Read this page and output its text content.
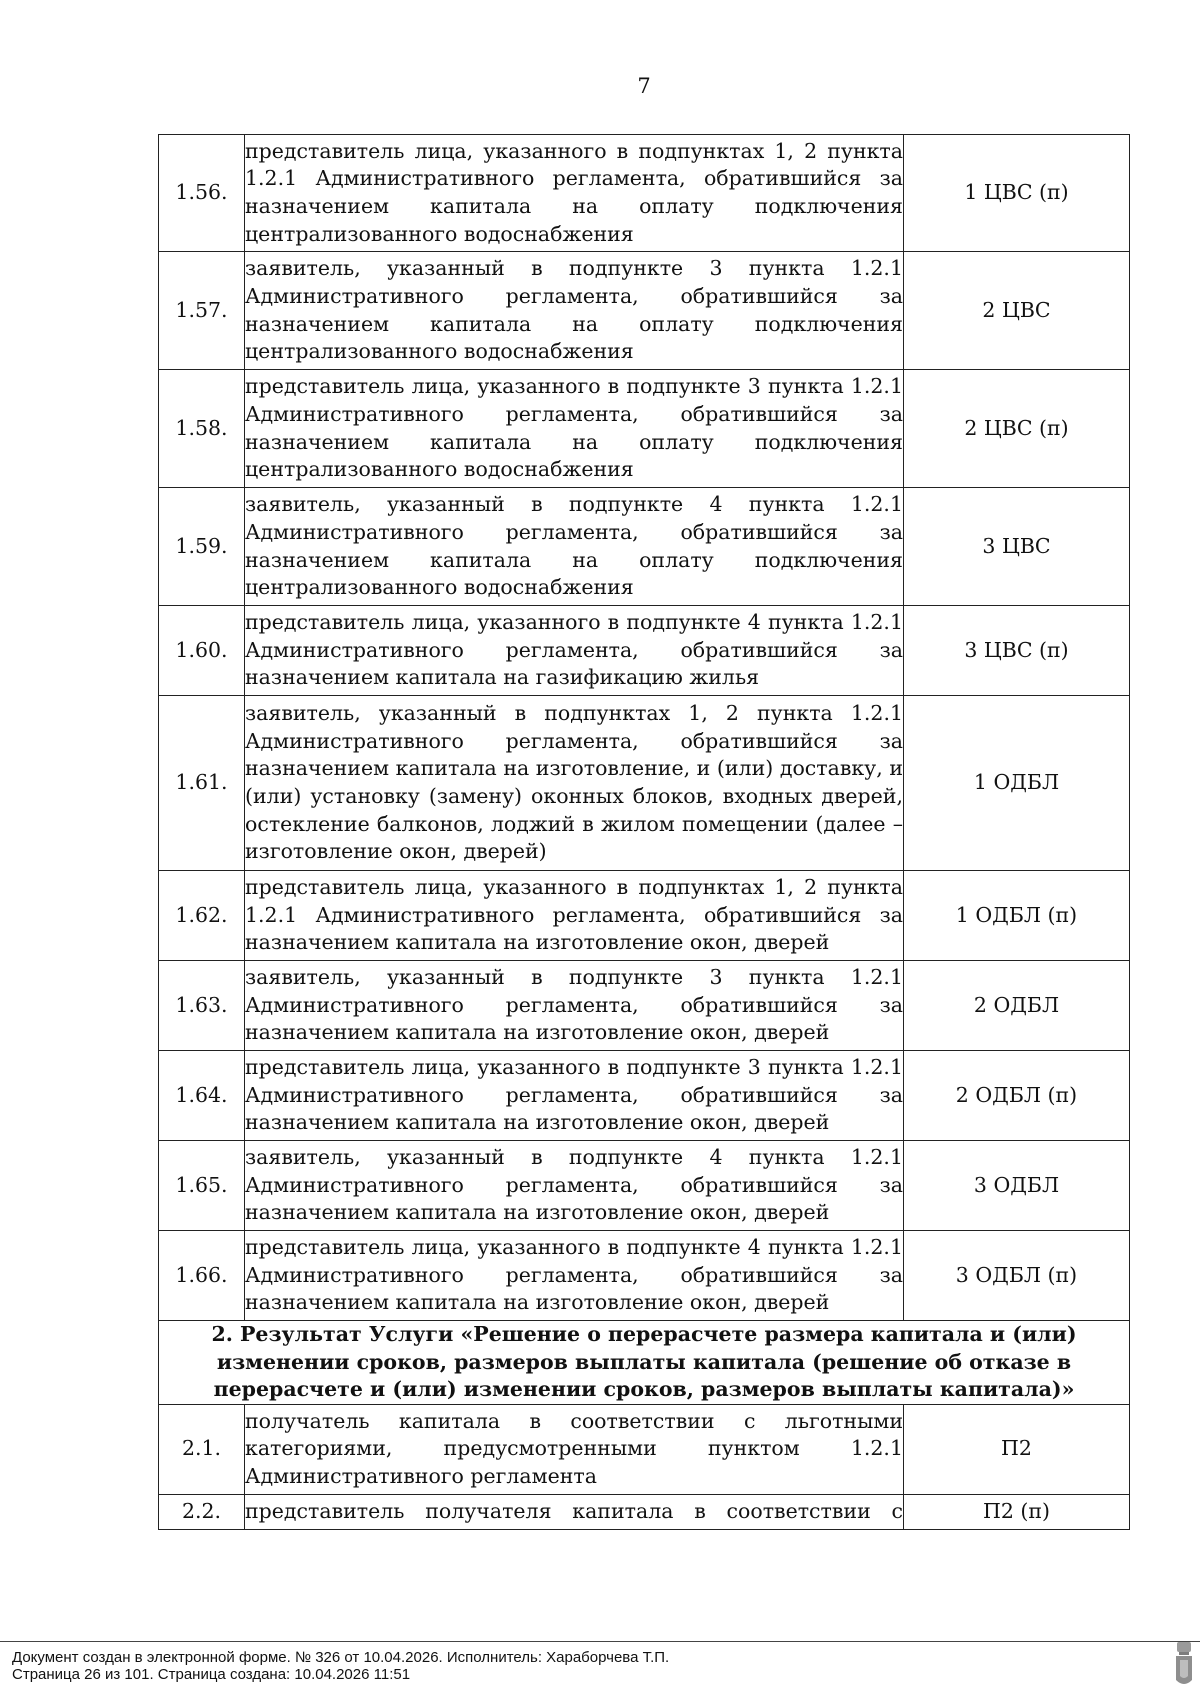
7
1.56.	представитель лица, указанного в подпунктах 1, 2 пункта 1.2.1 Административного регламента, обратившийся за назначением капитала на оплату подключения централизованного водоснабжения	1 ЦВС (п)
1.57.	заявитель, указанный в подпункте 3 пункта 1.2.1 Административного регламента, обратившийся за назначением капитала на оплату подключения централизованного водоснабжения	2 ЦВС
1.58.	представитель лица, указанного в подпункте 3 пункта 1.2.1 Административного регламента, обратившийся за назначением капитала на оплату подключения централизованного водоснабжения	2 ЦВС (п)
1.59.	заявитель, указанный в подпункте 4 пункта 1.2.1 Административного регламента, обратившийся за назначением капитала на оплату подключения централизованного водоснабжения	3 ЦВС
1.60.	представитель лица, указанного в подпункте 4 пункта 1.2.1 Административного регламента, обратившийся за назначением капитала на газификацию жилья	3 ЦВС (п)
1.61.	заявитель, указанный в подпунктах 1, 2 пункта 1.2.1 Административного регламента, обратившийся за назначением капитала на изготовление, и (или) доставку, и (или) установку (замену) оконных блоков, входных дверей, остекление балконов, лоджий в жилом помещении (далее – изготовление окон, дверей)	1 ОДБЛ
1.62.	представитель лица, указанного в подпунктах 1, 2 пункта 1.2.1 Административного регламента, обратившийся за назначением капитала на изготовление окон, дверей	1 ОДБЛ (п)
1.63.	заявитель, указанный в подпункте 3 пункта 1.2.1 Административного регламента, обратившийся за назначением капитала на изготовление окон, дверей	2 ОДБЛ
1.64.	представитель лица, указанного в подпункте 3 пункта 1.2.1 Административного регламента, обратившийся за назначением капитала на изготовление окон, дверей	2 ОДБЛ (п)
1.65.	заявитель, указанный в подпункте 4 пункта 1.2.1 Административного регламента, обратившийся за назначением капитала на изготовление окон, дверей	3 ОДБЛ
1.66.	представитель лица, указанного в подпункте 4 пункта 1.2.1 Административного регламента, обратившийся за назначением капитала на изготовление окон, дверей	3 ОДБЛ (п)
2. Результат Услуги «Решение о перерасчете размера капитала и (или) изменении сроков, размеров выплаты капитала (решение об отказе в перерасчете и (или) изменении сроков, размеров выплаты капитала)»		
2.1.	получатель капитала в соответствии с льготными категориями, предусмотренными пунктом 1.2.1 Административного регламента	П2
2.2.	представитель получателя капитала в соответствии с	П2 (п)
Документ создан в электронной форме. № 326 от 10.04.2026. Исполнитель: Хараборчева Т.П.
Страница 26 из 101. Страница создана: 10.04.2026 11:51
